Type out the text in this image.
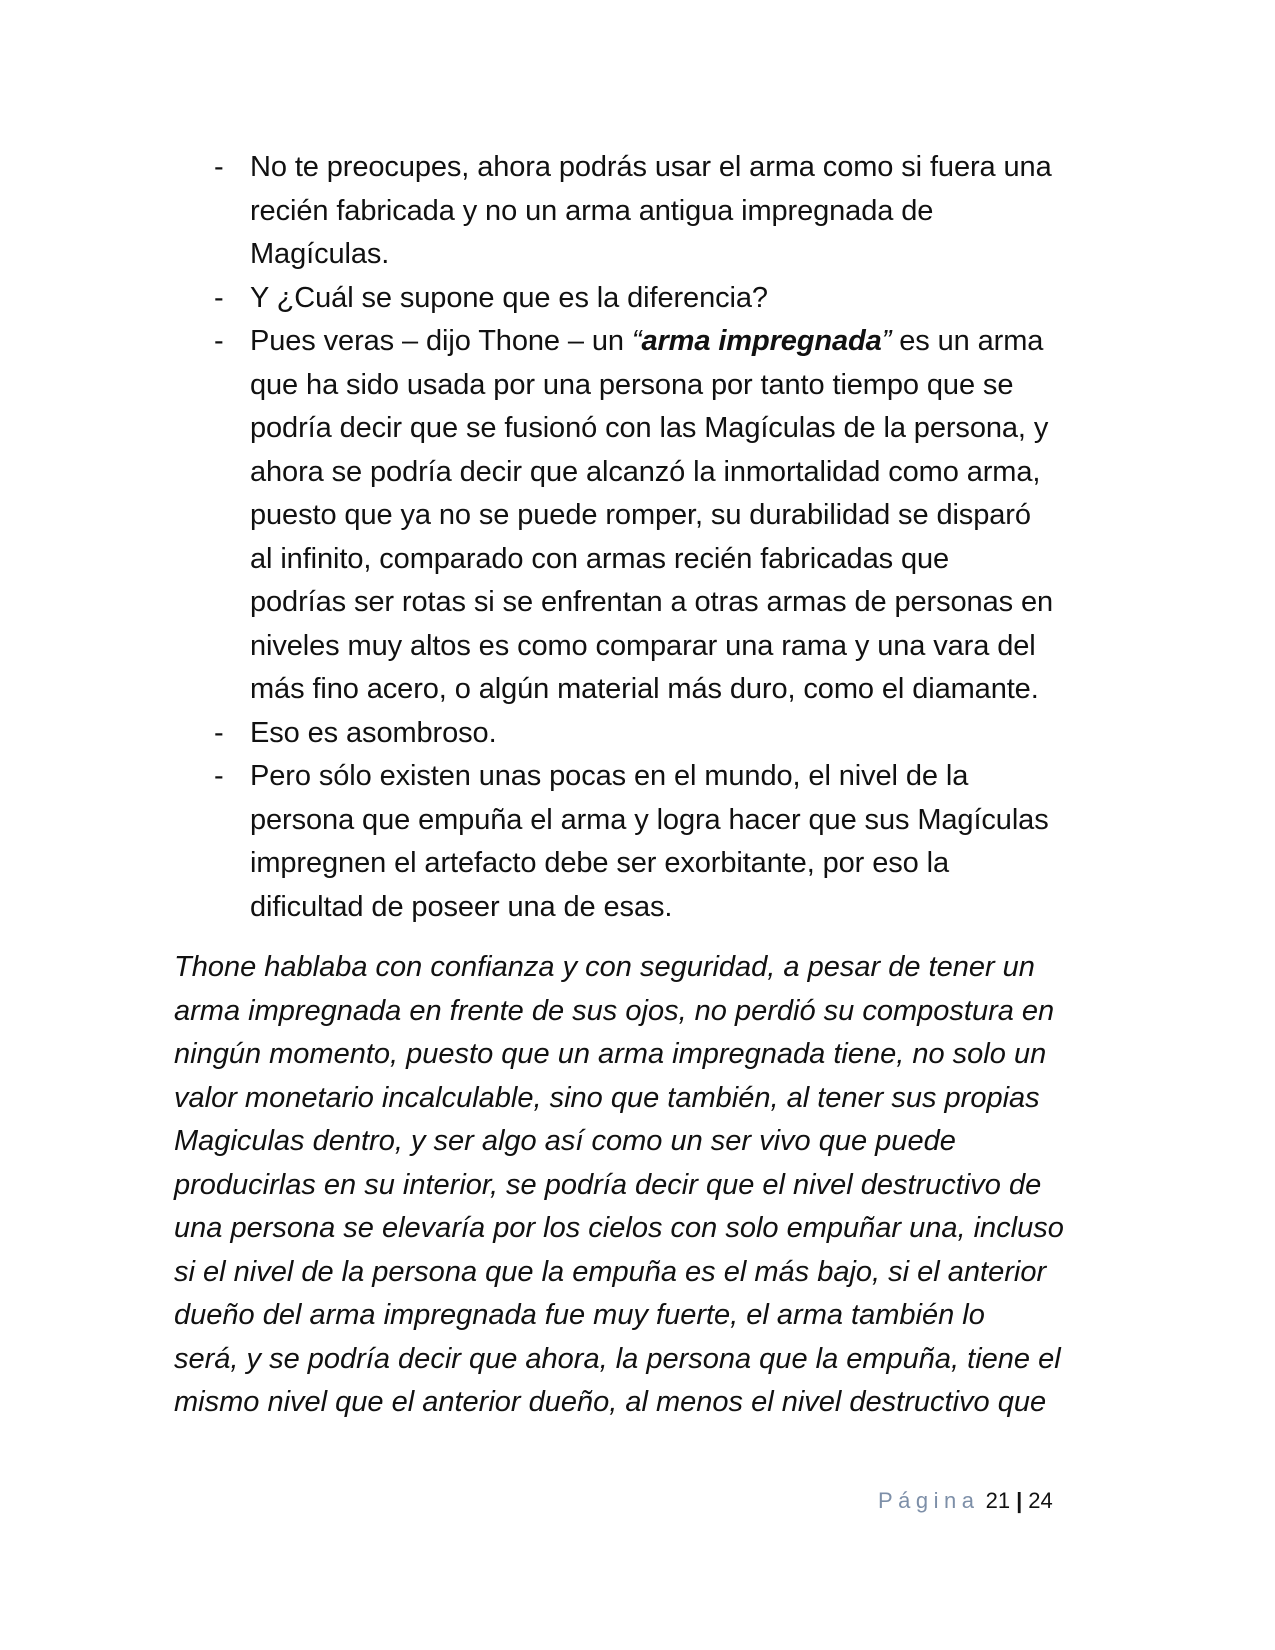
- No te preocupes, ahora podrás usar el arma como si fuera una
recién fabricada y no un arma antigua impregnada de
Magículas.
- Y ¿Cuál se supone que es la diferencia?
- Pues veras – dijo Thone – un “arma impregnada” es un arma
que ha sido usada por una persona por tanto tiempo que se
podría decir que se fusionó con las Magículas de la persona, y
ahora se podría decir que alcanzó la inmortalidad como arma,
puesto que ya no se puede romper, su durabilidad se disparó
al infinito, comparado con armas recién fabricadas que
podrías ser rotas si se enfrentan a otras armas de personas en
niveles muy altos es como comparar una rama y una vara del
más fino acero, o algún material más duro, como el diamante.
- Eso es asombroso.
- Pero sólo existen unas pocas en el mundo, el nivel de la
persona que empuña el arma y logra hacer que sus Magículas
impregnen el artefacto debe ser exorbitante, por eso la
dificultad de poseer una de esas.

Thone hablaba con confianza y con seguridad, a pesar de tener un
arma impregnada en frente de sus ojos, no perdió su compostura en
ningún momento, puesto que un arma impregnada tiene, no solo un
valor monetario incalculable, sino que también, al tener sus propias
Magiculas dentro, y ser algo así como un ser vivo que puede
producirlas en su interior, se podría decir que el nivel destructivo de
una persona se elevaría por los cielos con solo empuñar una, incluso
si el nivel de la persona que la empuña es el más bajo, si el anterior
dueño del arma impregnada fue muy fuerte, el arma también lo
será, y se podría decir que ahora, la persona que la empuña, tiene el
mismo nivel que el anterior dueño, al menos el nivel destructivo que

Página 21 | 24
